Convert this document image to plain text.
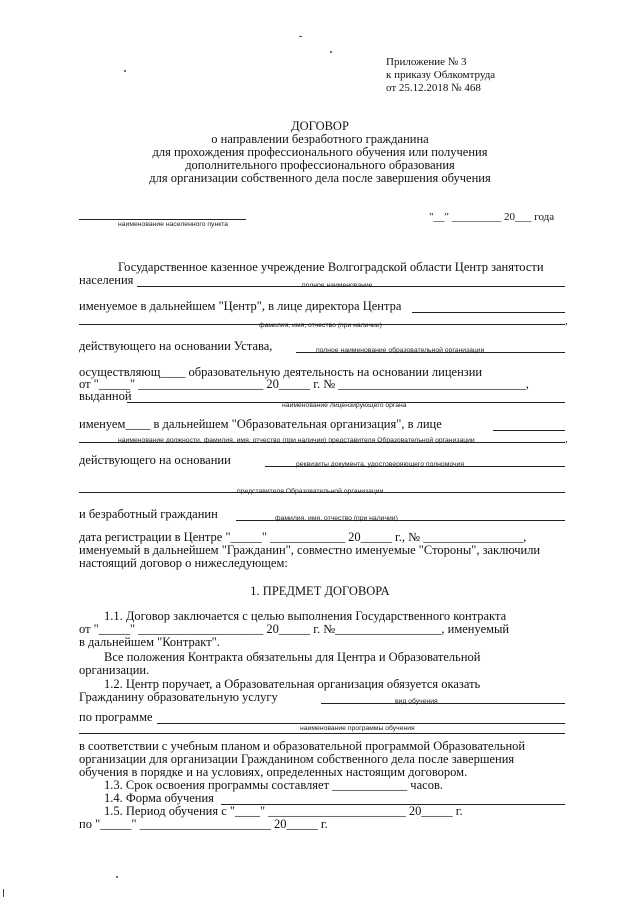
Приложение № 3
к приказу Облкомтруда
от 25.12.2018 № 468
ДОГОВОР
о направлении безработного гражданина
для прохождения профессионального обучения или получения
дополнительного профессионального образования
для организации собственного дела после завершения обучения
наименование населенного пункта
"__" _________ 20___ года
Государственное казенное учреждение Волгоградской области Центр занятости
населения	полное наименование
именуемое в дальнейшем "Центр", в лице директора Центра
фамилия, имя, отчество (при наличии)	,
действующего на основании Устава,	полное наименование образовательной организации
осуществляющ____ образовательную деятельность на основании лицензии
от "_____" ____________________ 20_____ г. № ______________________________,
выданной
наименование лицензирующего органа
именуем____ в дальнейшем "Образовательная организация", в лице
наименование должности, фамилия, имя, отчество (при наличии) представителя Образовательной организации	,
действующего на основании	реквизиты документа, удостоверяющего полномочия
представителя Образовательной организации
и безработный гражданин	фамилия, имя, отчество (при наличии)
дата регистрации в Центре "_____" ____________ 20_____ г., № ________________,
именуемый в дальнейшем "Гражданин", совместно именуемые "Стороны", заключили
настоящий договор о нижеследующем:
1. ПРЕДМЕТ ДОГОВОРА
1.1. Договор заключается с целью выполнения Государственного контракта
от "_____" ____________________ 20_____ г. №_________________, именуемый
в дальнейшем "Контракт".
Все положения Контракта обязательны для Центра и Образовательной
организации.
1.2. Центр поручает, а Образовательная организация обязуется оказать
Гражданину образовательную услугу	вид обучения
по программе
наименование программы обучения
в соответствии с учебным планом и образовательной программой Образовательной
организации для организации Гражданином собственного дела после завершения
обучения в порядке и на условиях, определенных настоящим договором.
1.3. Срок освоения программы составляет ____________ часов.
1.4. Форма обучения
1.5. Период обучения с "____" ______________________ 20_____ г.
по "_____" _____________________ 20_____ г.
